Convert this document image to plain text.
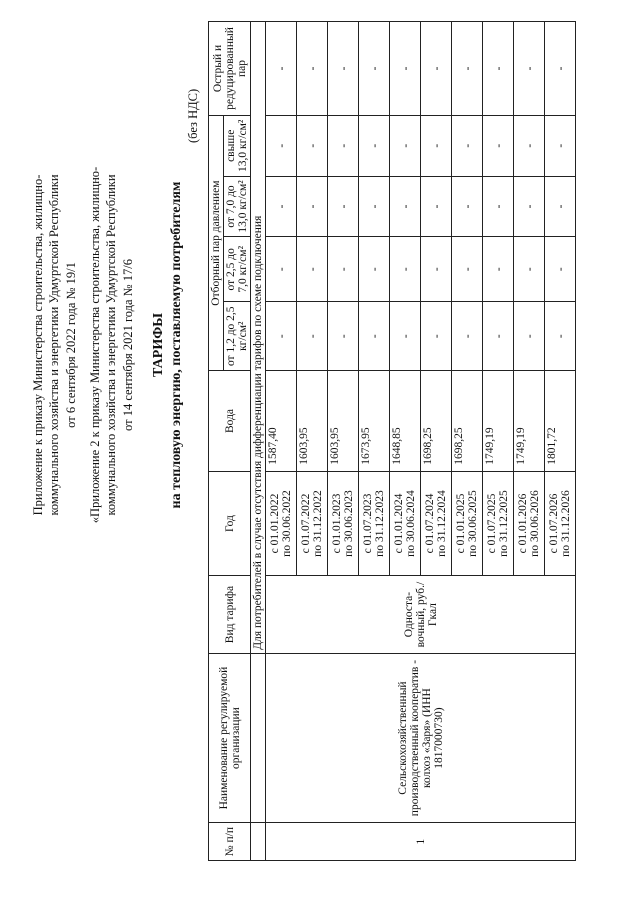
Приложение к приказу Министерства строительства, жилищно- коммунального хозяйства и энергетики Удмуртской Республики от 6 сентября 2022 года № 19/1 «Приложение 2 к приказу Министерства строительства, жилищно- коммунального хозяйства и энергетики Удмуртской Республики от 14 сентября 2021 года № 17/6 ТАРИФЫ на тепловую энергию, поставляемую потребителям
(без НДС)
№ п/п	Наименование регулируемой организации	Вид тарифа	Год	Вода	Отборный пар давлением				Острый и редуцированный пар
					от 1,2 до 2,5 кг/см²	от 2,5 до 7,0 кг/см²	от 7,0 до 13,0 кг/см²	свыше 13,0 кг/см²	
		Для потребителей в случае отсутствия дифференциации тарифов по схеме подключения							
1	Сельскохозяйственный производственный кооператив - колхоз «Заря» (ИНН 1817000730)	Односта-вочный, руб./Гкал	с 01.01.2022 по 30.06.2022	1587,40	-	-	-	-	-

			с 01.07.2022 по 31.12.2022	1603,95	-	-	-	-	-

			с 01.01.2023 по 30.06.2023	1603,95	-	-	-	-	-

			с 01.07.2023 по 31.12.2023	1673,95	-	-	-	-	-

			с 01.01.2024 по 30.06.2024	1648,85	-	-	-	-	-

			с 01.07.2024 по 31.12.2024	1698,25	-	-	-	-	-

			с 01.01.2025 по 30.06.2025	1698,25	-	-	-	-	-

			с 01.07.2025 по 31.12.2025	1749,19	-	-	-	-	-

			с 01.01.2026 по 30.06.2026	1749,19	-	-	-	-	-

			с 01.07.2026 по 31.12.2026	1801,72	-	-	-	-	-
